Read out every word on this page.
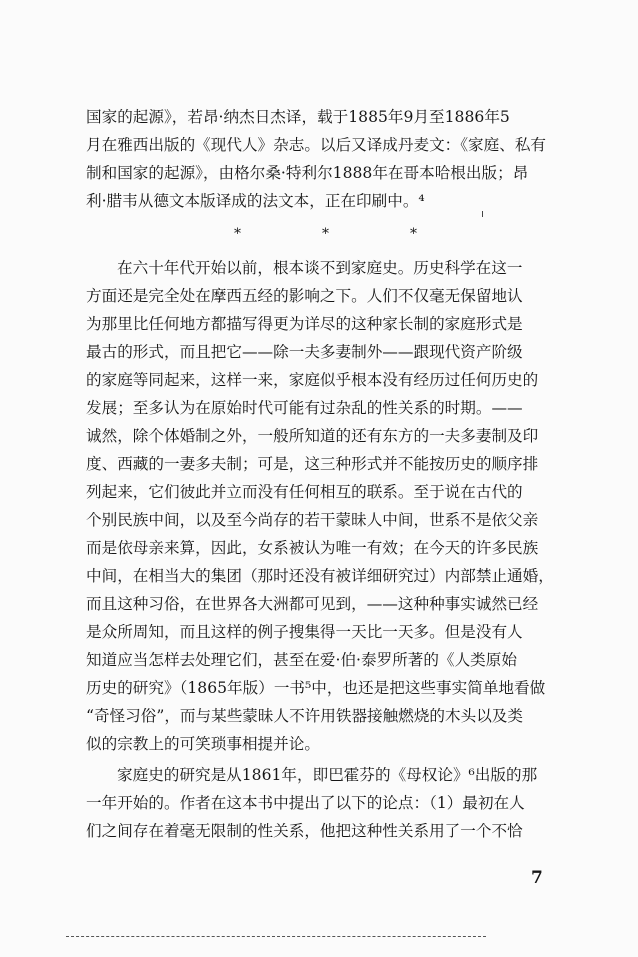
国家的起源》，若昂·纳杰日杰译，载于1885年9月至1886年5
月在雅西出版的《现代人》杂志。以后又译成丹麦文：《家庭、私有
制和国家的起源》，由格尔桑·特利尔1888年在哥本哈根出版；昂
利·腊韦从德文本版译成的法文本，正在印刷中。⁴
*	*	*
在六十年代开始以前，根本谈不到家庭史。历史科学在这一
方面还是完全处在摩西五经的影响之下。人们不仅毫无保留地认
为那里比任何地方都描写得更为详尽的这种家长制的家庭形式是
最古的形式，而且把它——除一夫多妻制外——跟现代资产阶级
的家庭等同起来，这样一来，家庭似乎根本没有经历过任何历史的
发展；至多认为在原始时代可能有过杂乱的性关系的时期。——
诚然，除个体婚制之外，一般所知道的还有东方的一夫多妻制及印
度、西藏的一妻多夫制；可是，这三种形式并不能按历史的顺序排
列起来，它们彼此并立而没有任何相互的联系。至于说在古代的
个别民族中间，以及至今尚存的若干蒙昧人中间，世系不是依父亲
而是依母亲来算，因此，女系被认为唯一有效；在今天的许多民族
中间，在相当大的集团（那时还没有被详细研究过）内部禁止通婚，
而且这种习俗，在世界各大洲都可见到，——这种种事实诚然已经
是众所周知，而且这样的例子搜集得一天比一天多。但是没有人
知道应当怎样去处理它们，甚至在爱·伯·泰罗所著的《人类原始
历史的研究》（1865年版）一书⁵中，也还是把这些事实简单地看做
“奇怪习俗”，而与某些蒙昧人不许用铁器接触燃烧的木头以及类
似的宗教上的可笑琐事相提并论。
家庭史的研究是从1861年，即巴霍芬的《母权论》⁶出版的那
一年开始的。作者在这本书中提出了以下的论点：（1）最初在人
们之间存在着毫无限制的性关系，他把这种性关系用了一个不恰
7
